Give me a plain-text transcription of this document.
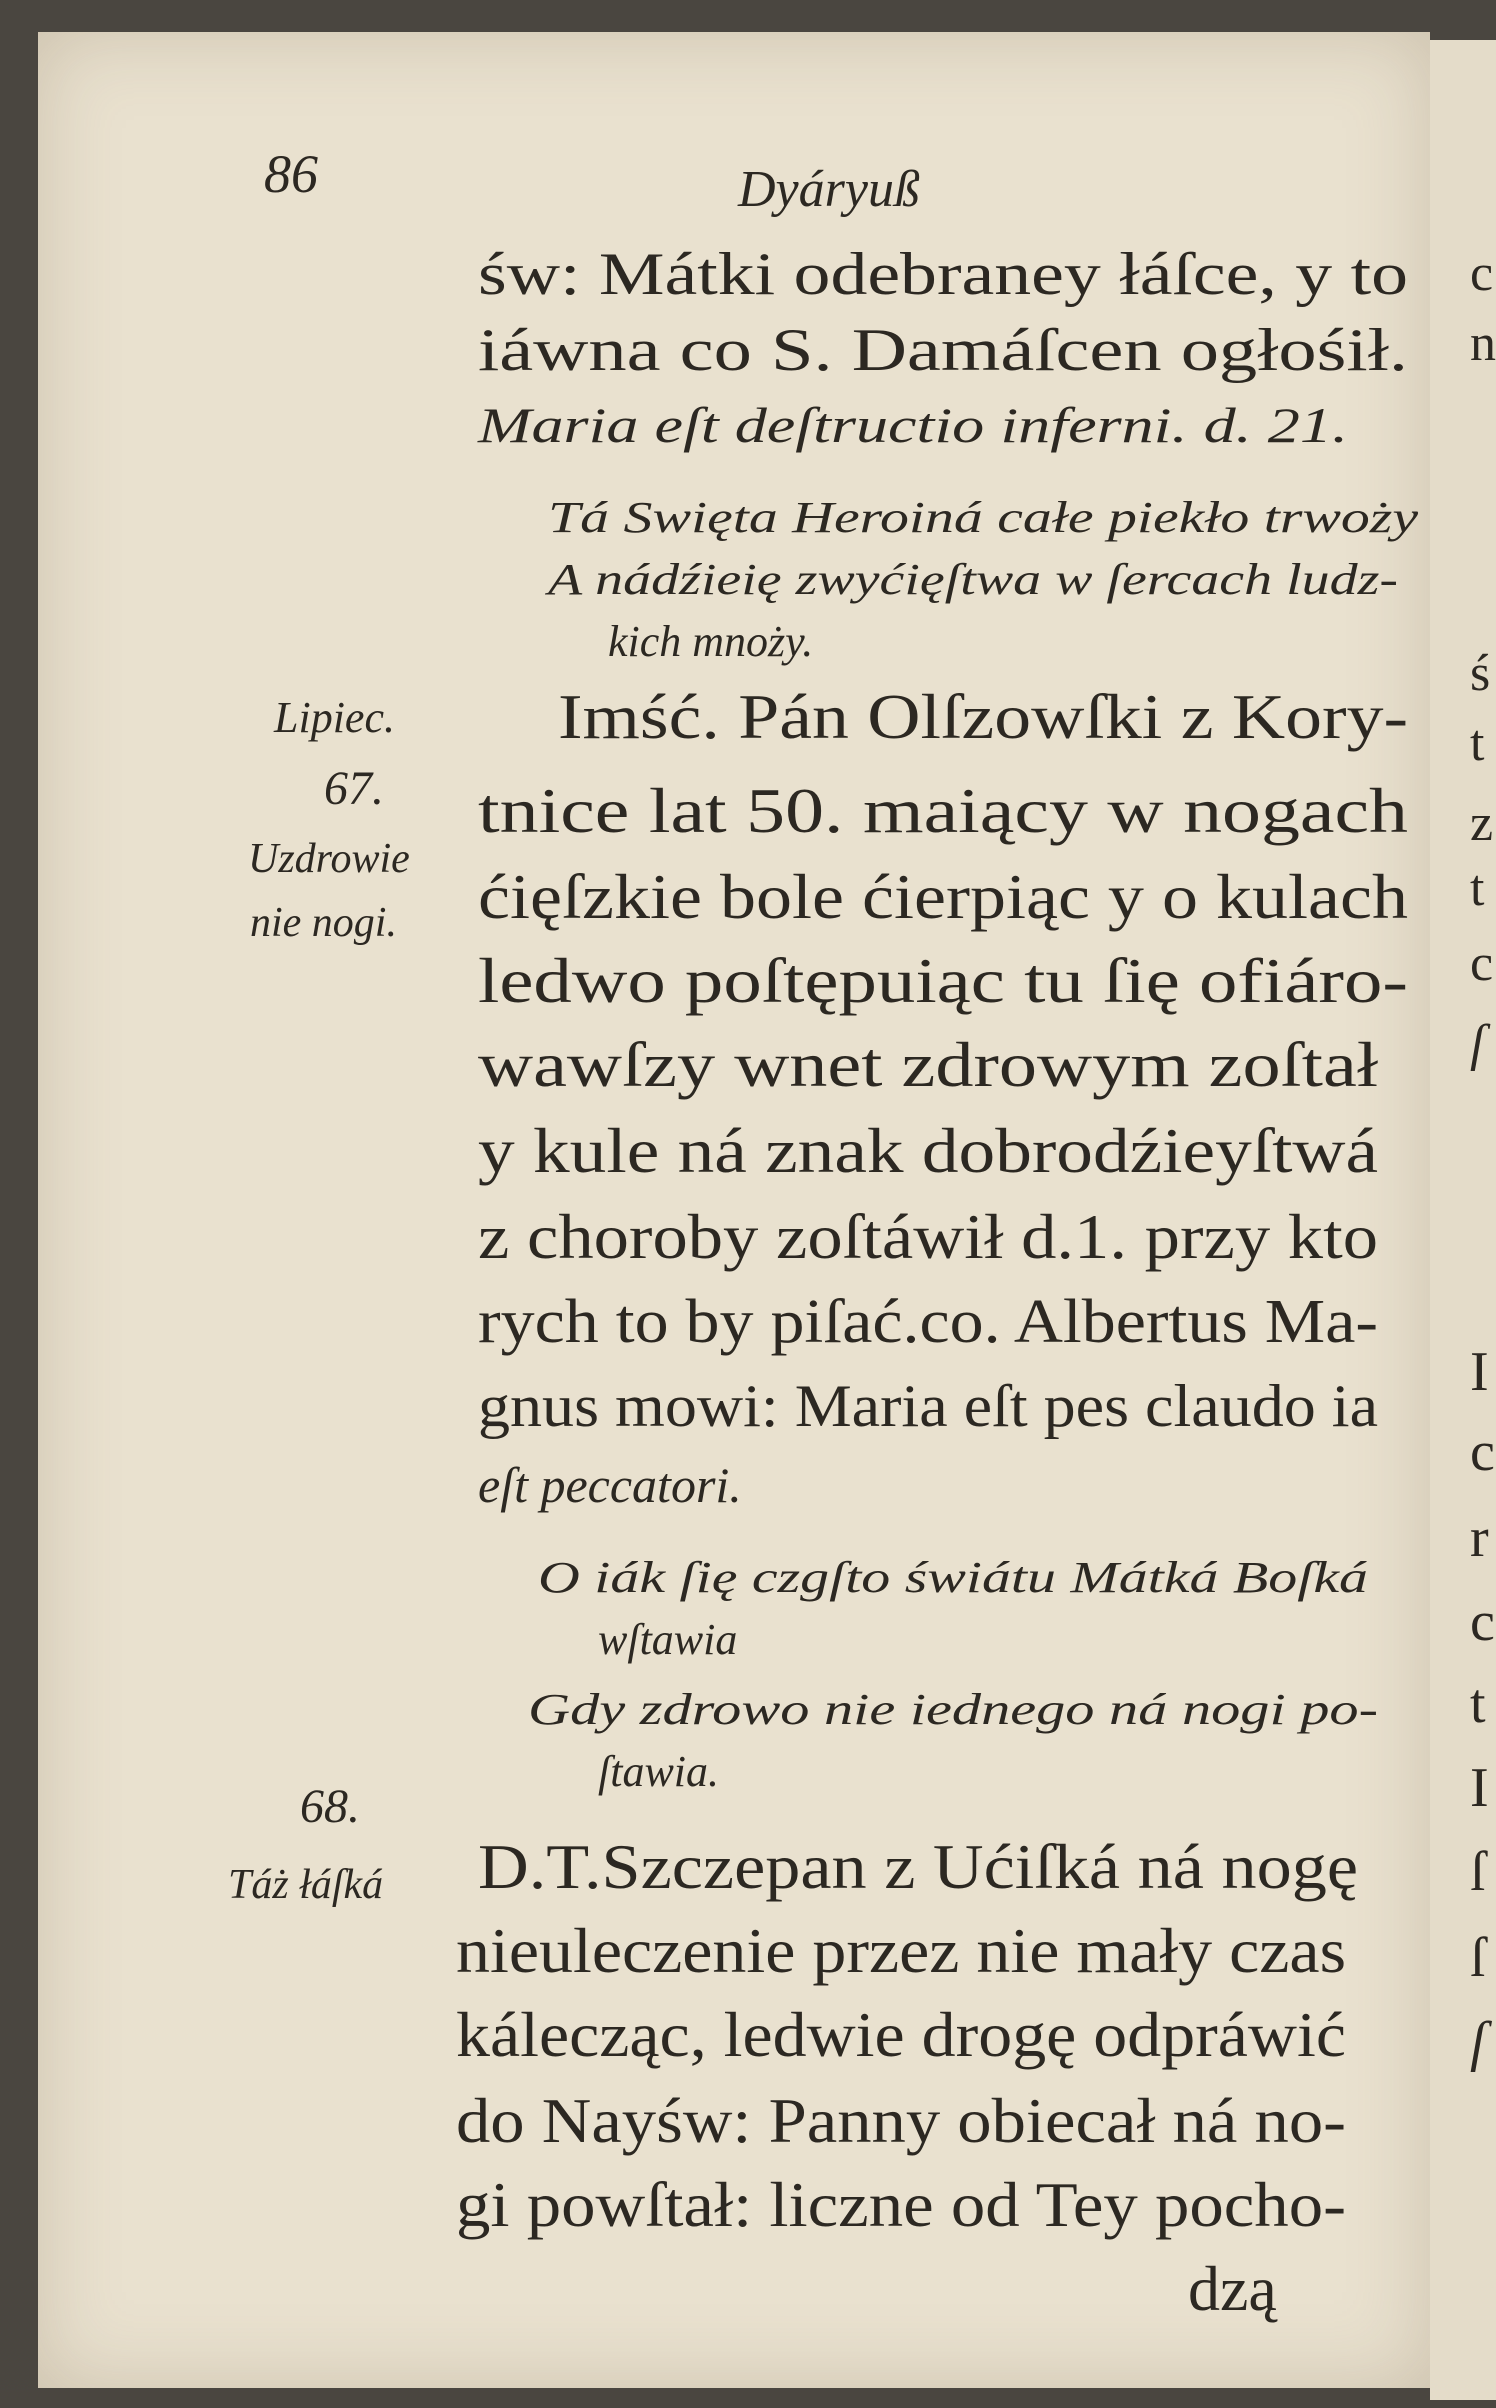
86	Dyáryuß
św: Mátki odebraney łáſce, y to
iáwna co S. Damáſcen ogłośił.
Maria eſt deſtructio inferni. d. 21.
Tá Swięta Heroiná całe piekło trwoży
A nádźieię zwyćięſtwa w ſercach ludz-
kich mnoży.
Imść. Pán Olſzowſki z Kory-
tnice lat 50. maiący w nogach
ćięſzkie bole ćierpiąc y o kulach
ledwo poſtępuiąc tu ſię ofiáro-
wawſzy wnet zdrowym zoſtał
y kule ná znak dobrodźieyſtwá
z choroby zoſtáwił d.1. przy kto
rych to by piſać.co. Albertus Mа-
gnus mowi: Maria eſt pes claudo ia
eſt peccatori.
O iák ſię czgſto świátu Mátká Boſká
wſtawia
Gdy zdrowo nie iednego ná nogi po-
ſtawia.
D.T.Szczepan z Ućiſká ná nogę
nieuleczenie przez nie mały czas
kálecząc, ledwie drogę odpráwić
do Nayśw: Panny obiecał ná no-
gi powſtał: liczne od Tey pocho-
dzą
Lipiec.
67.
Uzdrowie
nie nogi.
68.
Táż łáſká
c
n
ś
t
z
t
c
ſ
I
c
r
c
t
I
ſ
ſ
ſ
